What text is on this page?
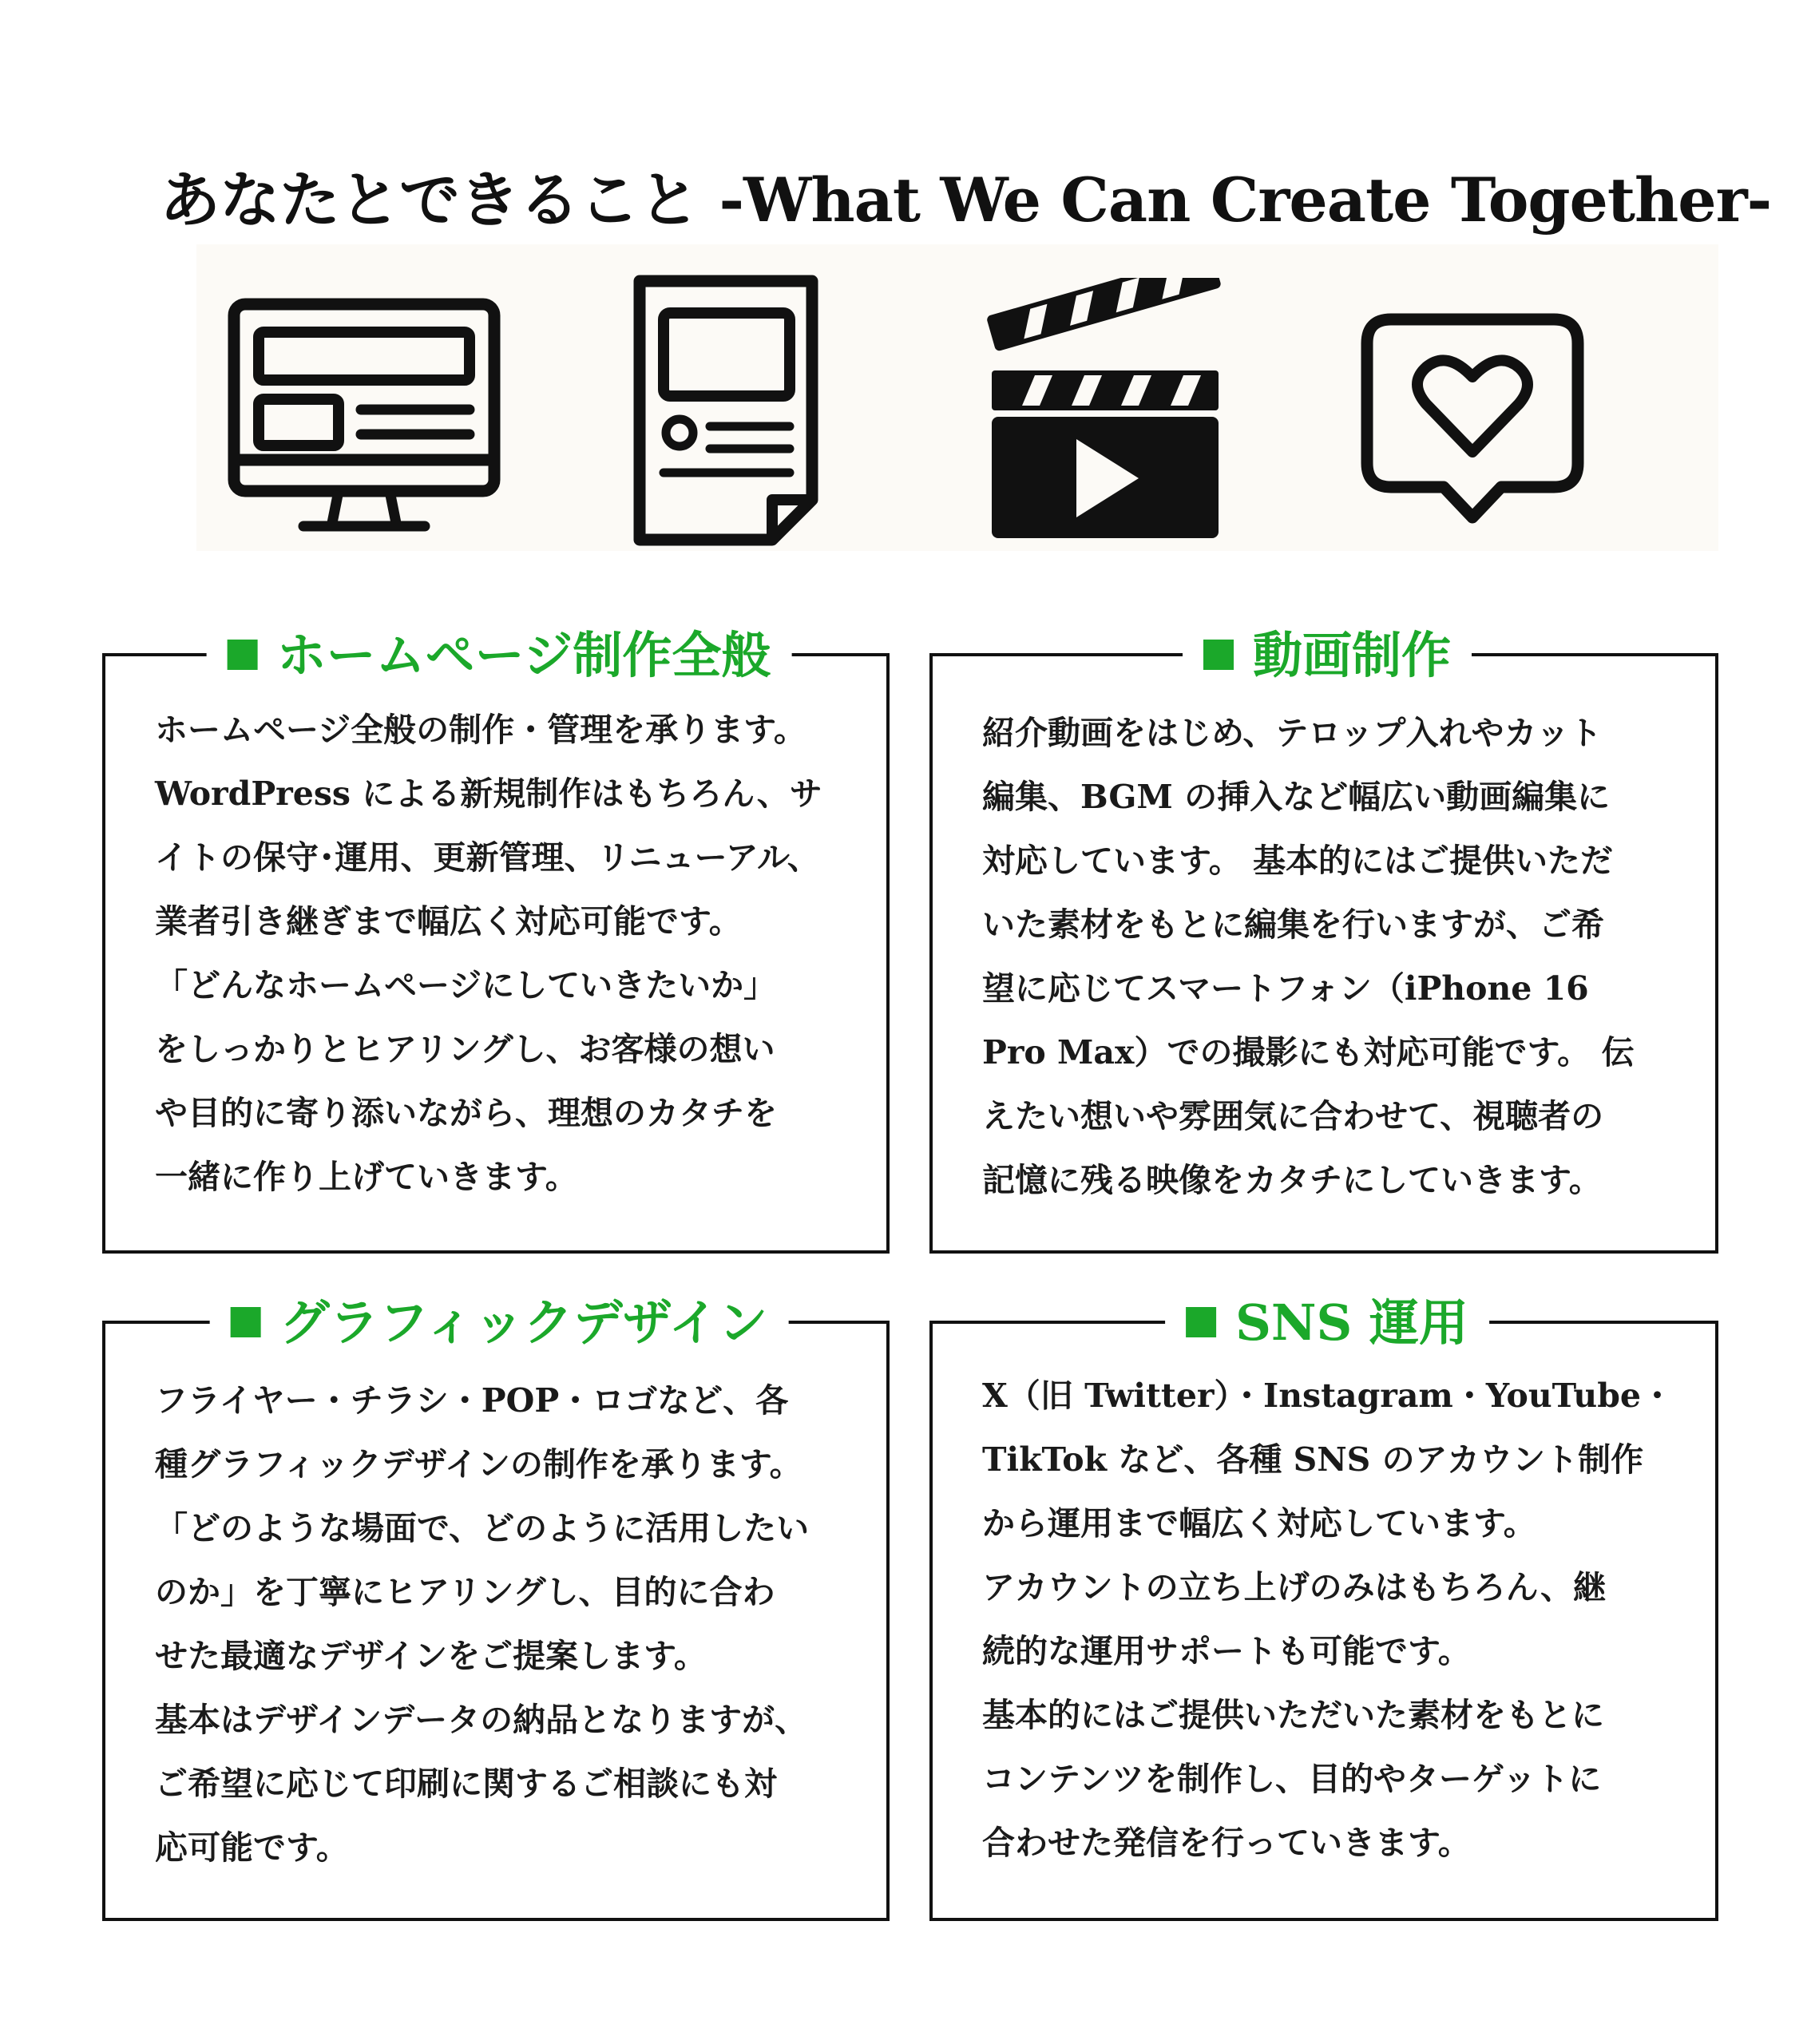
あなたとできること -What We Can Create Together-
ホームページ制作全般
ホームページ全般の制作・管理を承ります。
WordPress による新規制作はもちろん、サ
イトの保守･運用、更新管理、リニューアル、
業者引き継ぎまで幅広く対応可能です。
「どんなホームページにしていきたいか」
をしっかりとヒアリングし、お客様の想い
や目的に寄り添いながら、理想のカタチを
一緒に作り上げていきます。
動画制作
紹介動画をはじめ、テロップ入れやカット
編集、BGM の挿入など幅広い動画編集に
対応しています。 基本的にはご提供いただ
いた素材をもとに編集を行いますが、ご希
望に応じてスマートフォン（iPhone 16
Pro Max）での撮影にも対応可能です。 伝
えたい想いや雰囲気に合わせて、視聴者の
記憶に残る映像をカタチにしていきます。
グラフィックデザイン
フライヤー・チラシ・POP・ロゴなど、各
種グラフィックデザインの制作を承ります。
「どのような場面で、どのように活用したい
のか」を丁寧にヒアリングし、目的に合わ
せた最適なデザインをご提案します。
基本はデザインデータの納品となりますが、
ご希望に応じて印刷に関するご相談にも対
応可能です。
SNS 運用
X（旧 Twitter）・Instagram・YouTube・
TikTok など、各種 SNS のアカウント制作
から運用まで幅広く対応しています。
アカウントの立ち上げのみはもちろん、継
続的な運用サポートも可能です。
基本的にはご提供いただいた素材をもとに
コンテンツを制作し、目的やターゲットに
合わせた発信を行っていきます。
